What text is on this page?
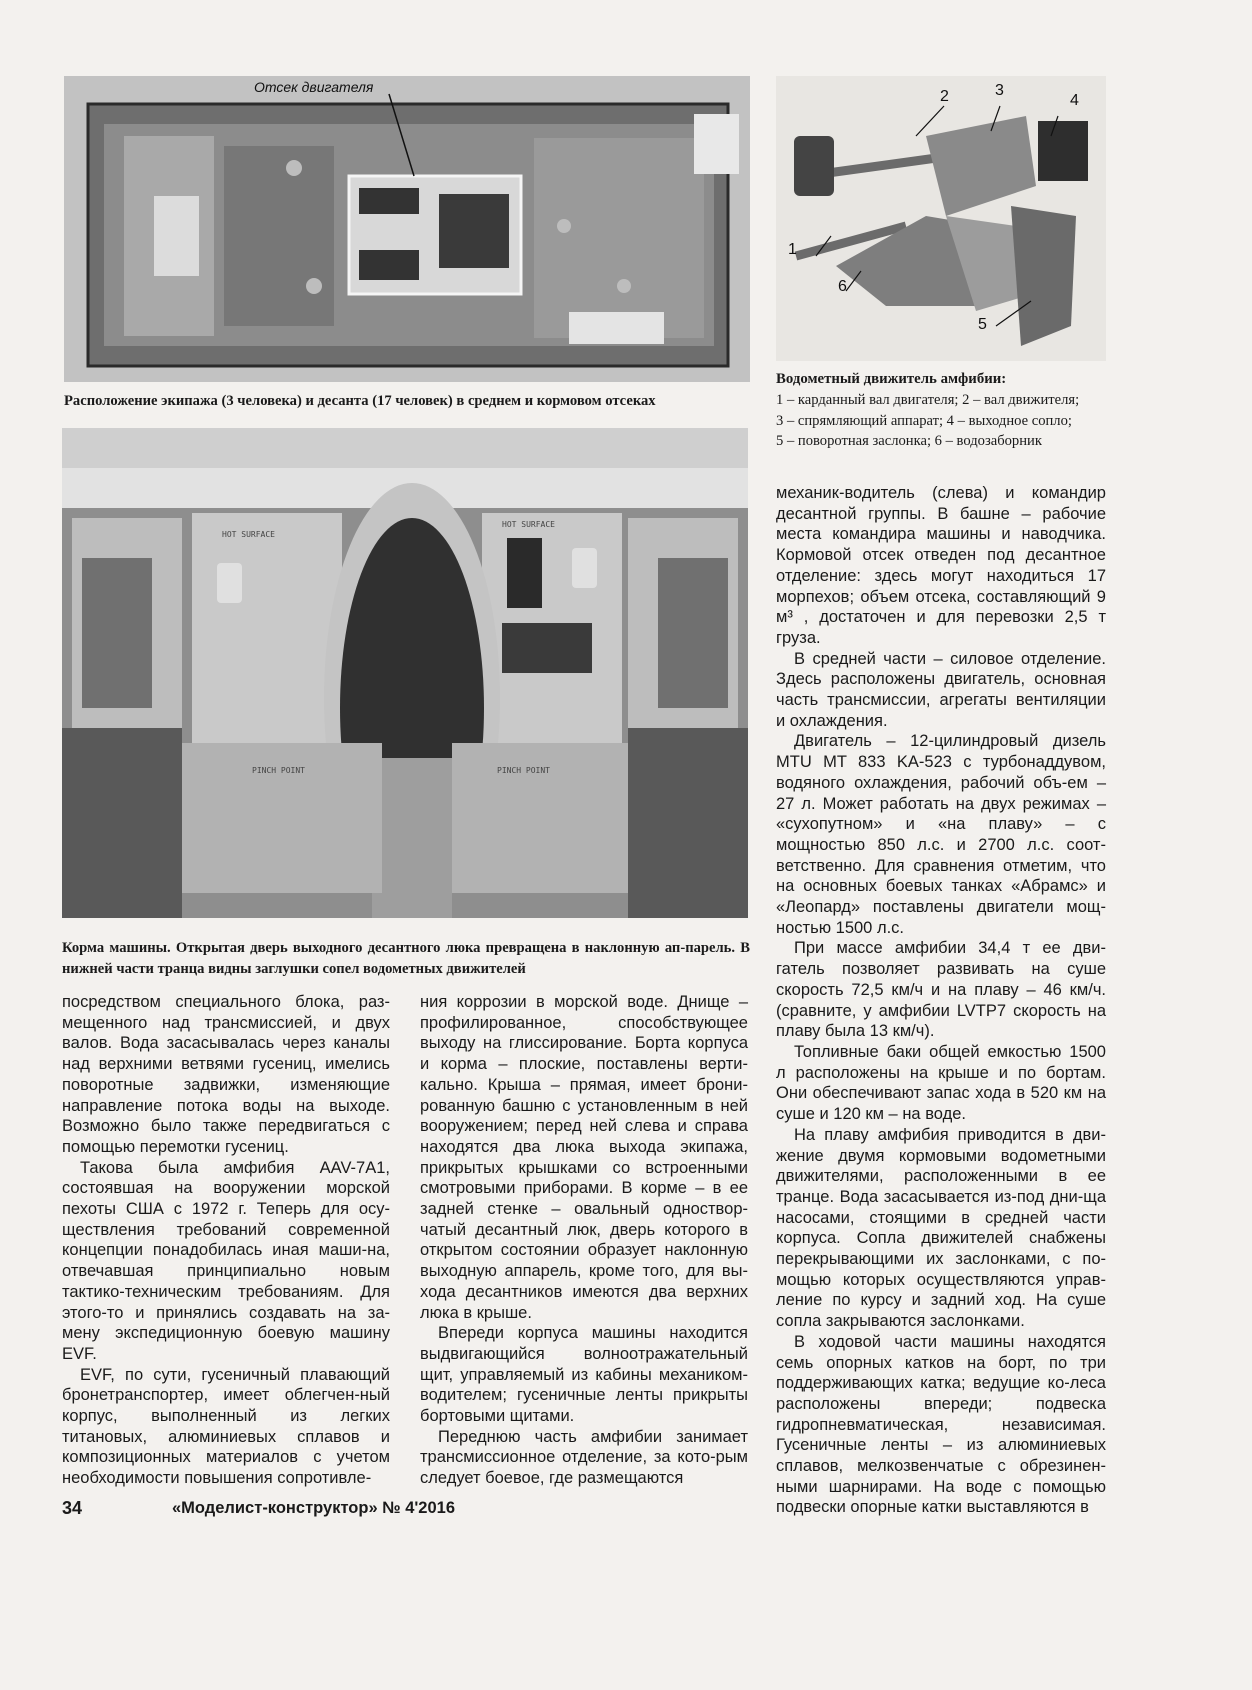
Отсек двигателя

Расположение экипажа (3 человека) и десанта (17 человек) в среднем и кормовом отсеках

1
2	3
4
5
6

Водометный движитель амфибии:

1 – карданный вал двигателя; 2 – вал движителя;

3 – спрямляющий аппарат; 4 – выходное сопло;

5 – поворотная заслонка; 6 – водозаборник

HOT SURFACE
HOT SURFACE
PINCH POINT	PINCH POINT

Корма машины. Открытая дверь выходного десантного люка превращена в наклонную ап-парель. В нижней части транца видны заглушки сопел водометных движителей

посредством специального блока, раз-мещенного над трансмиссией, и двух валов. Вода засасывалась через каналы над верхними ветвями гусениц, имелись поворотные задвижки, изменяющие направление потока воды на выходе. Возможно было также передвигаться с помощью перемотки гусениц.

Такова была амфибия AAV-7A1, состоявшая на вооружении морской пехоты США с 1972 г. Теперь для осу-ществления требований современной концепции понадобилась иная маши-на, отвечавшая принципиально новым тактико-техническим требованиям. Для этого-то и принялись создавать на за-мену экспедиционную боевую машину EVF.

EVF, по сути, гусеничный плавающий бронетранспортер, имеет облегчен-ный корпус, выполненный из легких титановых, алюминиевых сплавов и композиционных материалов с учетом необходимости повышения сопротивле-

ния коррозии в морской воде. Днище – профилированное, способствующее выходу на глиссирование. Борта корпуса и корма – плоские, поставлены верти-кально. Крыша – прямая, имеет брони-рованную башню с установленным в ней вооружением; перед ней слева и справа находятся два люка выхода экипажа, прикрытых крышками со встроенными смотровыми приборами. В корме – в ее задней стенке – овальный одноствор-чатый десантный люк, дверь которого в открытом состоянии образует наклонную выходную аппарель, кроме того, для вы-хода десантников имеются два верхних люка в крыше.

Впереди корпуса машины находится выдвигающийся волноотражательный щит, управляемый из кабины механиком-водителем; гусеничные ленты прикрыты бортовыми щитами.

Переднюю часть амфибии занимает трансмиссионное отделение, за кото-рым следует боевое, где размещаются

механик-водитель (слева) и командир десантной группы. В башне – рабочие места командира машины и наводчика. Кормовой отсек отведен под десантное отделение: здесь могут находиться 17 морпехов; объем отсека, составляющий 9 м³ , достаточен и для перевозки 2,5 т груза.

В средней части – силовое отделение. Здесь расположены двигатель, основная часть трансмиссии, агрегаты вентиляции и охлаждения.

Двигатель – 12-цилиндровый дизель MTU MT 833 KA-523 с турбонаддувом, водяного охлаждения, рабочий объ-ем – 27 л. Может работать на двух режимах – «сухопутном» и «на плаву» – с мощностью 850 л.с. и 2700 л.с. соот-ветственно. Для сравнения отметим, что на основных боевых танках «Абрамс» и «Леопард» поставлены двигатели мощ-ностью 1500 л.с.

При массе амфибии 34,4 т ее дви-гатель позволяет развивать на суше скорость 72,5 км/ч и на плаву – 46 км/ч. (сравните, у амфибии LVTP7 скорость на плаву была 13 км/ч).

Топливные баки общей емкостью 1500 л расположены на крыше и по бортам. Они обеспечивают запас хода в 520 км на суше и 120 км – на воде.

На плаву амфибия приводится в дви-жение двумя кормовыми водометными движителями, расположенными в ее транце. Вода засасывается из-под дни-ща насосами, стоящими в средней части корпуса. Сопла движителей снабжены перекрывающими их заслонками, с по-мощью которых осуществляются управ-ление по курсу и задний ход. На суше сопла закрываются заслонками.

В ходовой части машины находятся семь опорных катков на борт, по три поддерживающих катка; ведущие ко-леса расположены впереди; подвеска гидропневматическая, независимая. Гусеничные ленты – из алюминиевых сплавов, мелкозвенчатые с обрезинен-ными шарнирами. На воде с помощью подвески опорные катки выставляются в

34	«Моделист-конструктор» № 4'2016
